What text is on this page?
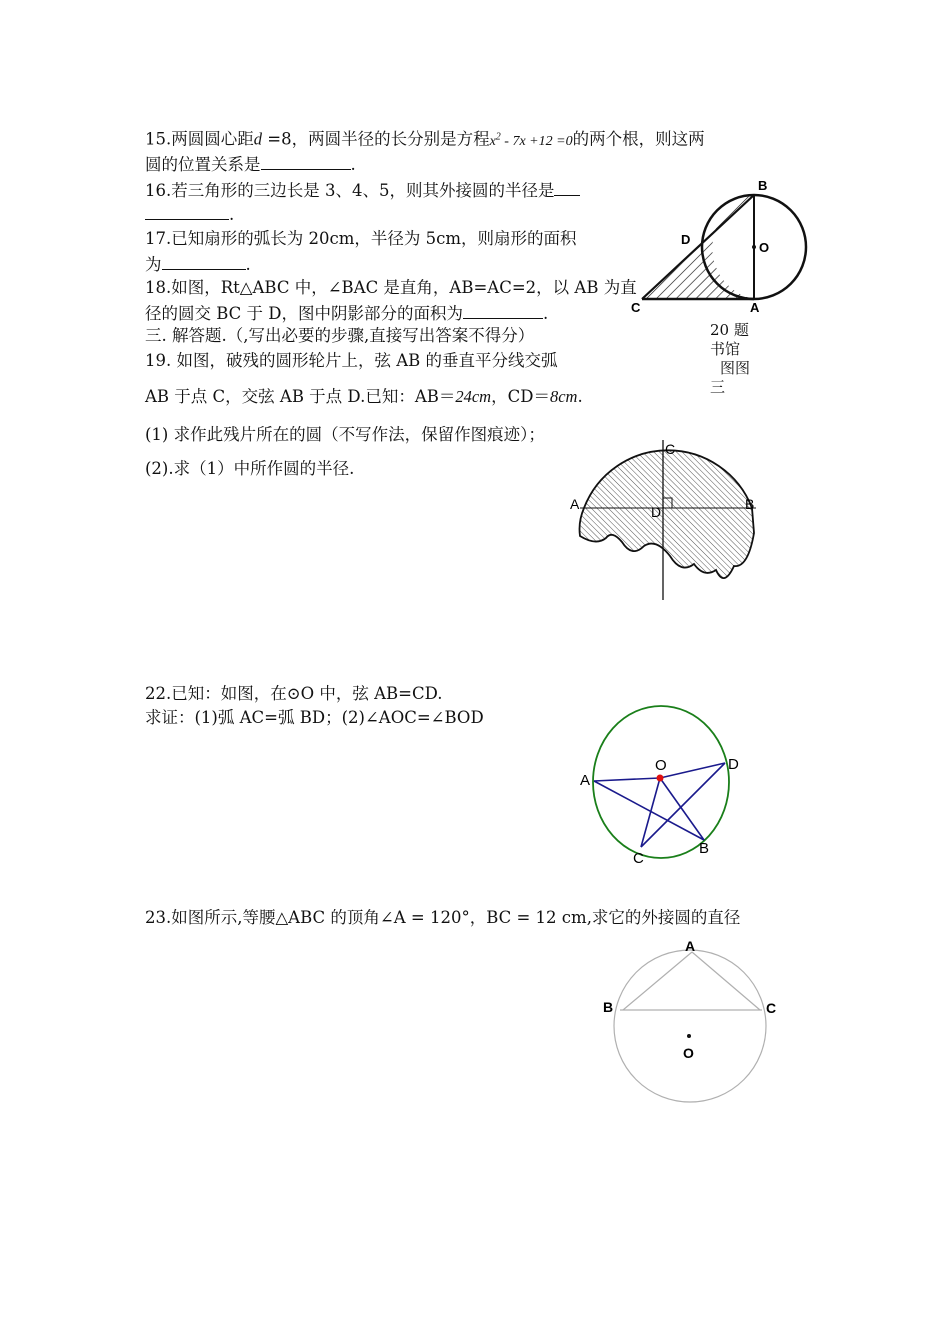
15.两圆圆心距d =8，两圆半径的长分别是方程$x^2 - 7x +12 =0$的两个根，则这两
圆的位置关系是	.
16.若三角形的三边长是 3、4、5，则其外接圆的半径是
.
17.已知扇形的弧长为 20cm，半径为 5cm，则扇形的面积
为	.
18.如图，Rt△ABC 中，∠BAC 是直角，AB=AC=2，以 AB 为直
径的圆交 BC 于 D，图中阴影部分的面积为	.
三. 解答题.（,写出必要的步骤,直接写出答案不得分）
19. 如图，破残的圆形轮片上，弦 AB 的垂直平分线交弧
AB 于点 C，交弦 AB 于点 D.已知：AB＝24cm，CD＝8cm.
(1) 求作此残片所在的圆（不写作法，保留作图痕迹）；
(2).求（1）中所作圆的半径.
B
D
O
C	A
20 题
书馆
图图
三
C
A	B
D
22.已知：如图，在⊙O 中，弦 AB=CD.
求证：(1)弧 AC=弧 BD；(2)∠AOC=∠BOD
O
A
D
C
B
23.如图所示,等腰△ABC 的顶角∠A = 120°，BC = 12 cm,求它的外接圆的直径
A
B	C
O
